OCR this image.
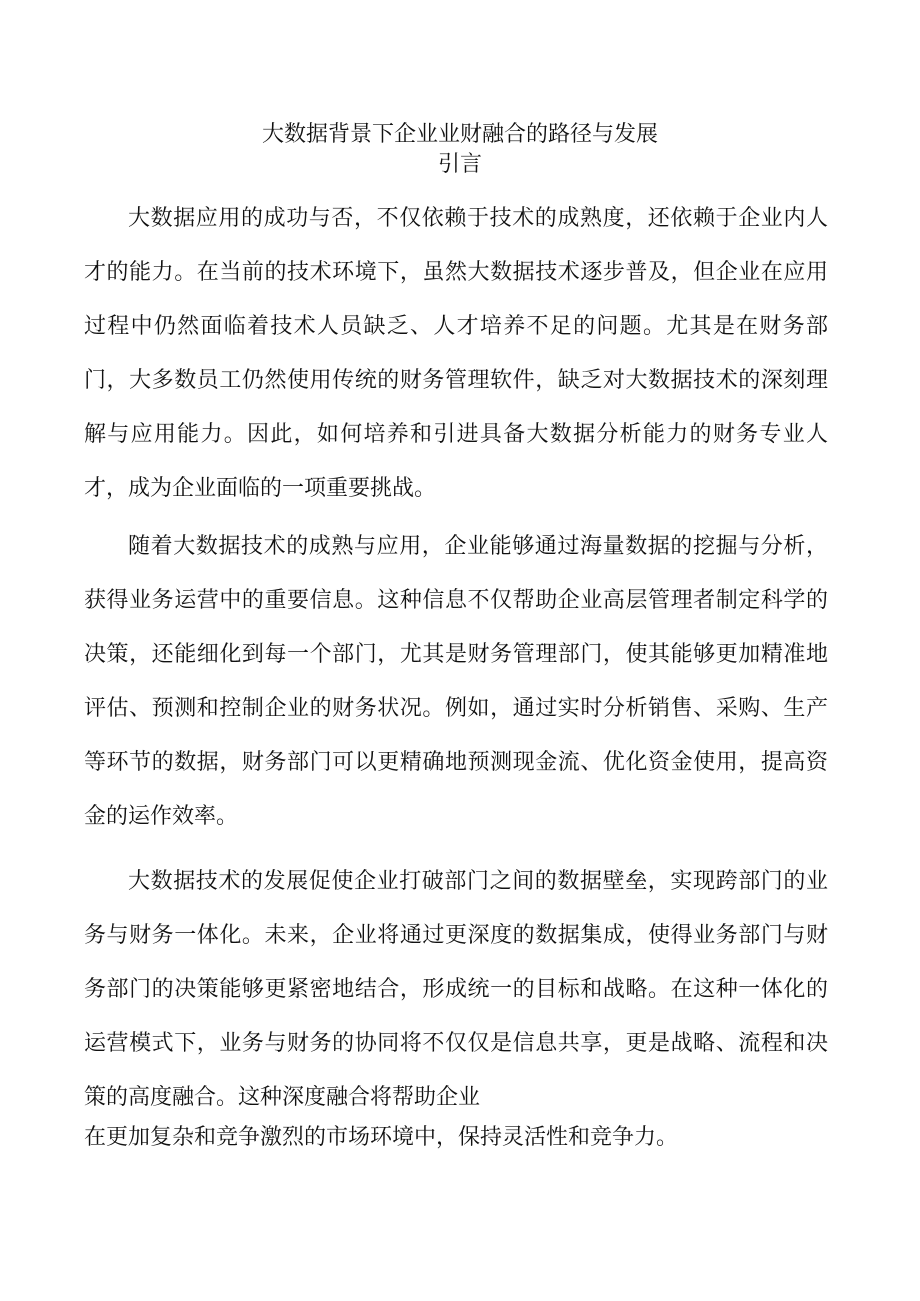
大数据背景下企业业财融合的路径与发展
引言

大数据应用的成功与否，不仅依赖于技术的成熟度，还依赖于企业内人才的能力。在当前的技术环境下，虽然大数据技术逐步普及，但企业在应用过程中仍然面临着技术人员缺乏、人才培养不足的问题。尤其是在财务部门，大多数员工仍然使用传统的财务管理软件，缺乏对大数据技术的深刻理解与应用能力。因此，如何培养和引进具备大数据分析能力的财务专业人才，成为企业面临的一项重要挑战。

随着大数据技术的成熟与应用，企业能够通过海量数据的挖掘与分析，获得业务运营中的重要信息。这种信息不仅帮助企业高层管理者制定科学的决策，还能细化到每一个部门，尤其是财务管理部门，使其能够更加精准地评估、预测和控制企业的财务状况。例如，通过实时分析销售、采购、生产等环节的数据，财务部门可以更精确地预测现金流、优化资金使用，提高资金的运作效率。

大数据技术的发展促使企业打破部门之间的数据壁垒，实现跨部门的业务与财务一体化。未来，企业将通过更深度的数据集成，使得业务部门与财务部门的决策能够更紧密地结合，形成统一的目标和战略。在这种一体化的运营模式下，业务与财务的协同将不仅仅是信息共享，更是战略、流程和决策的高度融合。这种深度融合将帮助企业

在更加复杂和竞争激烈的市场环境中，保持灵活性和竞争力。
